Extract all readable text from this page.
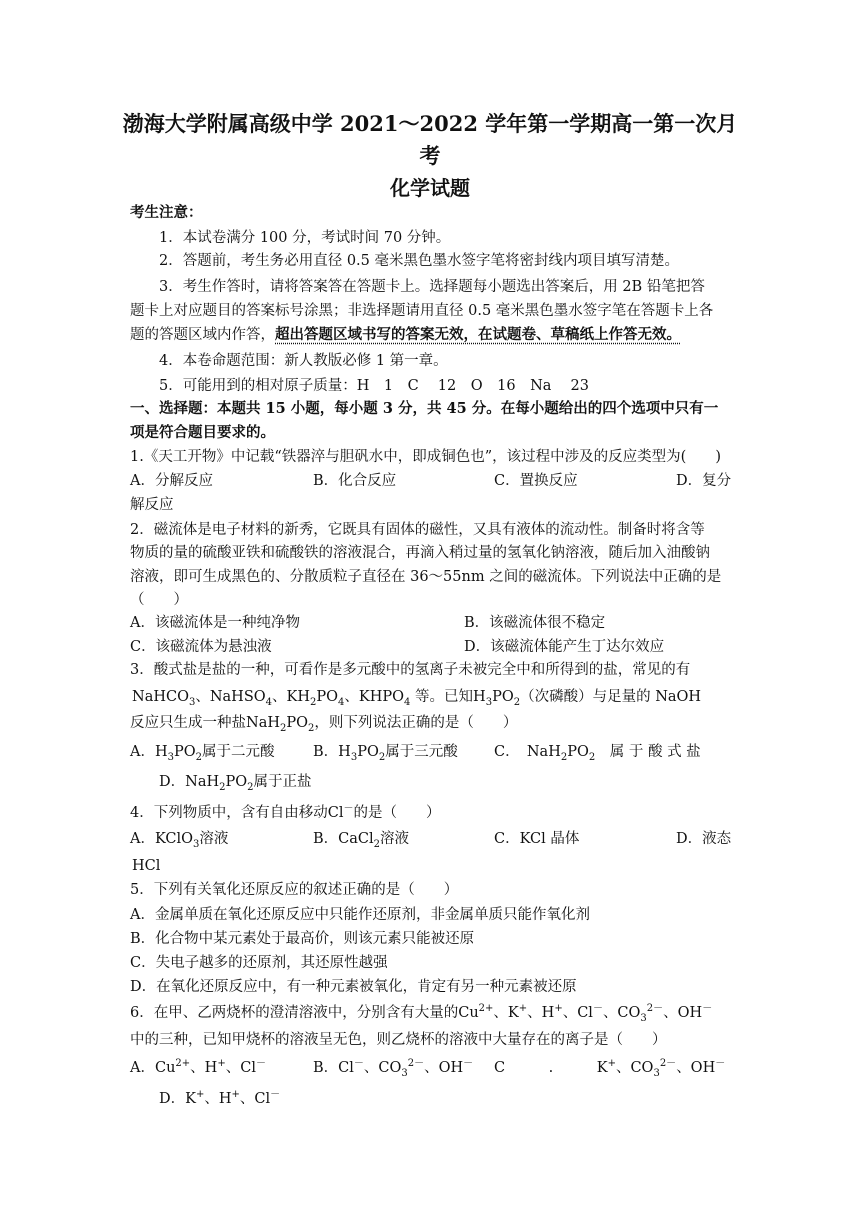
渤海大学附属高级中学 2021～2022 学年第一学期高一第一次月
考
化学试题
考生注意：
1．本试卷满分 100 分，考试时间 70 分钟。
2．答题前，考生务必用直径 0.5 毫米黑色墨水签字笔将密封线内项目填写清楚。
3．考生作答时，请将答案答在答题卡上。选择题每小题选出答案后，用 2B 铅笔把答
题卡上对应题目的答案标号涂黑；非选择题请用直径 0.5 毫米黑色墨水签字笔在答题卡上各
题的答题区域内作答，超出答题区域书写的答案无效，在试题卷、草稿纸上作答无效。
4．本卷命题范围：新人教版必修 1 第一章。
5．可能用到的相对原子质量：H　1　C　 12　O　16　Na　 23
一、选择题：本题共 15 小题，每小题 3 分，共 45 分。在每小题给出的四个选项中只有一
项是符合题目要求的。
1.《天工开物》中记载“铁器淬与胆矾水中，即成铜色也”，该过程中涉及的反应类型为(　　)
A．分解反应	B．化合反应	C．置换反应	D．复分
解反应
2．磁流体是电子材料的新秀，它既具有固体的磁性，又具有液体的流动性。制备时将含等
物质的量的硫酸亚铁和硫酸铁的溶液混合，再滴入稍过量的氢氧化钠溶液，随后加入油酸钠
溶液，即可生成黑色的、分散质粒子直径在 36～55nm 之间的磁流体。下列说法中正确的是
（　　）
A．该磁流体是一种纯净物	B．该磁流体很不稳定
C．该磁流体为悬浊液	D．该磁流体能产生丁达尔效应
3．酸式盐是盐的一种，可看作是多元酸中的氢离子未被完全中和所得到的盐，常见的有
NaHCO$_3$、NaHSO$_4$、$KH_2PO_4$、$KHPO_4$ 等。已知$H_3PO_2$（次磷酸）与足量的 NaOH
反应只生成一种盐$NaH_2PO_2$，则下列说法正确的是（　　）
A．$H_3PO_2$属于二元酸	B．$H_3PO_2$属于三元酸	C．　$NaH_2PO_2$　 属 于 酸 式 盐
D．$NaH_2PO_2$属于正盐
4．下列物质中，含有自由移动Cl－的是（　　）
A．KClO$_3$溶液	B．CaCl$_2$溶液	C．KCl 晶体	D．液态
HCl
5．下列有关氧化还原反应的叙述正确的是（　　）
A．金属单质在氧化还原反应中只能作还原剂，非金属单质只能作氧化剂
B．化合物中某元素处于最高价，则该元素只能被还原
C．失电子越多的还原剂，其还原性越强
D．在氧化还原反应中，有一种元素被氧化，肯定有另一种元素被还原
6．在甲、乙两烧杯的澄清溶液中，分别含有大量的$Cu^{2+}$、K+、H+、Cl－、$CO_3^{2-}$、OH－
中的三种，已知甲烧杯的溶液呈无色，则乙烧杯的溶液中大量存在的离子是（　　）
A．$Cu^{2+}$、H+、Cl－	B．Cl－、$CO_3^{2-}$、OH－ C　　　.　　　K+、$CO_3^{2-}$、OH－
D．K+、H+、Cl－
